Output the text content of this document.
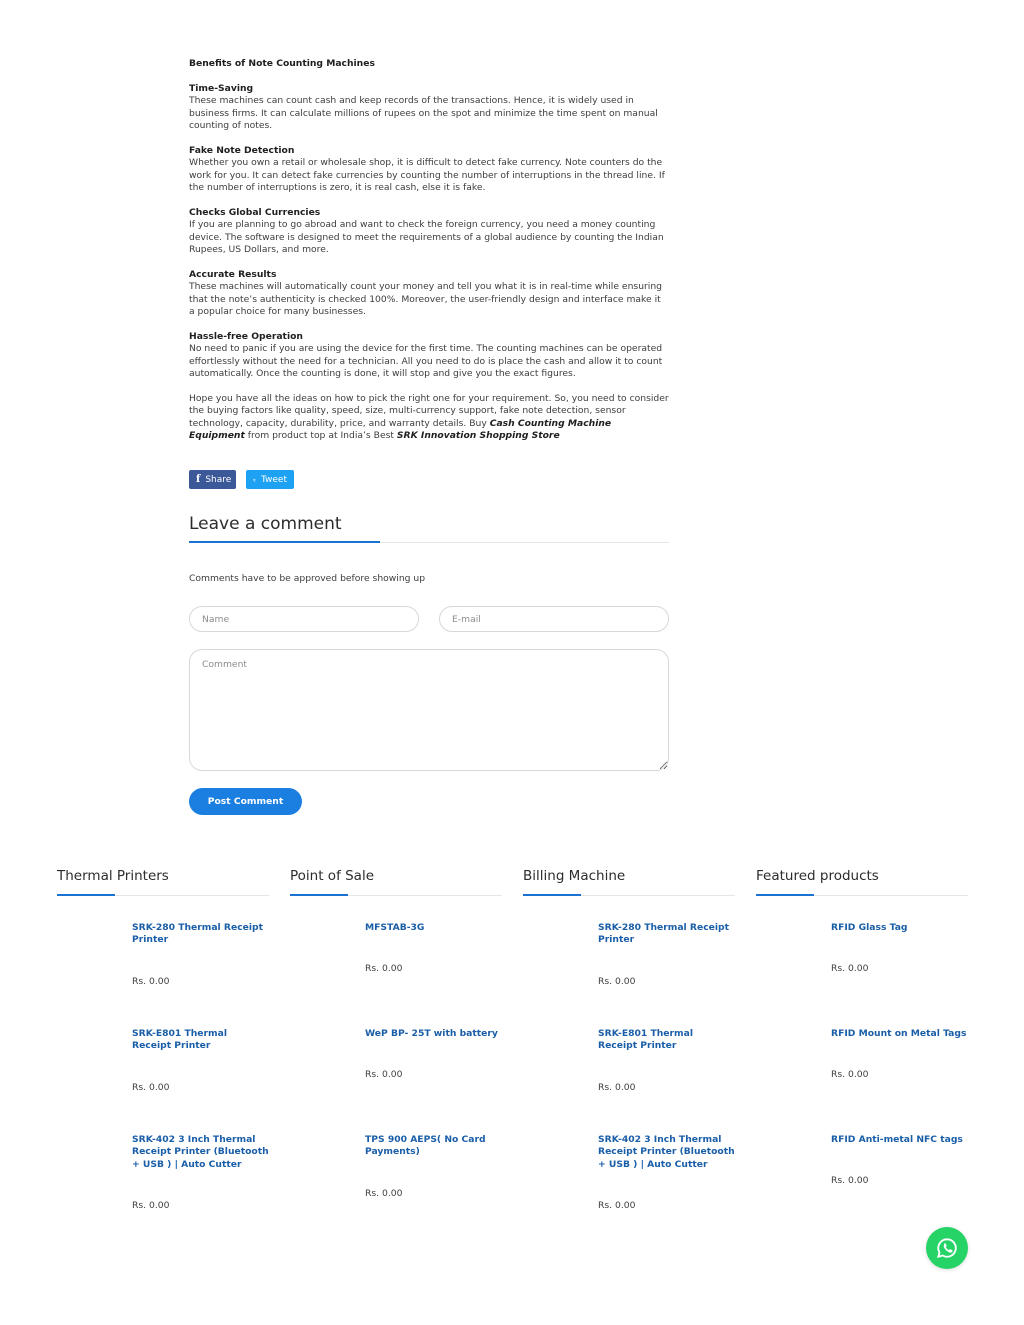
Benefits of Note Counting Machines
Time-Saving

These machines can count cash and keep records of the transactions. Hence, it is widely used in business firms. It can calculate millions of rupees on the spot and minimize the time spent on manual counting of notes.

Fake Note Detection

Whether you own a retail or wholesale shop, it is difficult to detect fake currency. Note counters do the work for you. It can detect fake currencies by counting the number of interruptions in the thread line. If the number of interruptions is zero, it is real cash, else it is fake.

Checks Global Currencies

If you are planning to go abroad and want to check the foreign currency, you need a money counting device. The software is designed to meet the requirements of a global audience by counting the Indian Rupees, US Dollars, and more.

Accurate Results

These machines will automatically count your money and tell you what it is in real-time while ensuring that the note’s authenticity is checked 100%. Moreover, the user-friendly design and interface make it a popular choice for many businesses.

Hassle-free Operation

No need to panic if you are using the device for the first time. The counting machines can be operated effortlessly without the need for a technician. All you need to do is place the cash and allow it to count automatically. Once the counting is done, it will stop and give you the exact figures.

Hope you have all the ideas on how to pick the right one for your requirement. So, you need to consider the buying factors like quality, speed, size, multi-currency support, fake note detection, sensor technology, capacity, durability, price, and warranty details. Buy Cash Counting Machine Equipment from product top at India’s Best SRK Innovation Shopping Store

f Share	Tweet
Leave a comment

Comments have to be approved before showing up

Name
E-mail
Comment
Post Comment
Thermal Printers
SRK-280 Thermal Receipt Printer
Rs. 0.00
SRK-E801 Thermal Receipt Printer
Rs. 0.00
SRK-402 3 Inch Thermal Receipt Printer (Bluetooth + USB ) | Auto Cutter
Rs. 0.00
Point of Sale
MFSTAB-3G
Rs. 0.00
WeP BP- 25T with battery
Rs. 0.00
TPS 900 AEPS( No Card Payments)
Rs. 0.00
Billing Machine
SRK-280 Thermal Receipt Printer
Rs. 0.00
SRK-E801 Thermal Receipt Printer
Rs. 0.00
SRK-402 3 Inch Thermal Receipt Printer (Bluetooth + USB ) | Auto Cutter
Rs. 0.00
Featured products
RFID Glass Tag
Rs. 0.00
RFID Mount on Metal Tags
Rs. 0.00
RFID Anti-metal NFC tags
Rs. 0.00
